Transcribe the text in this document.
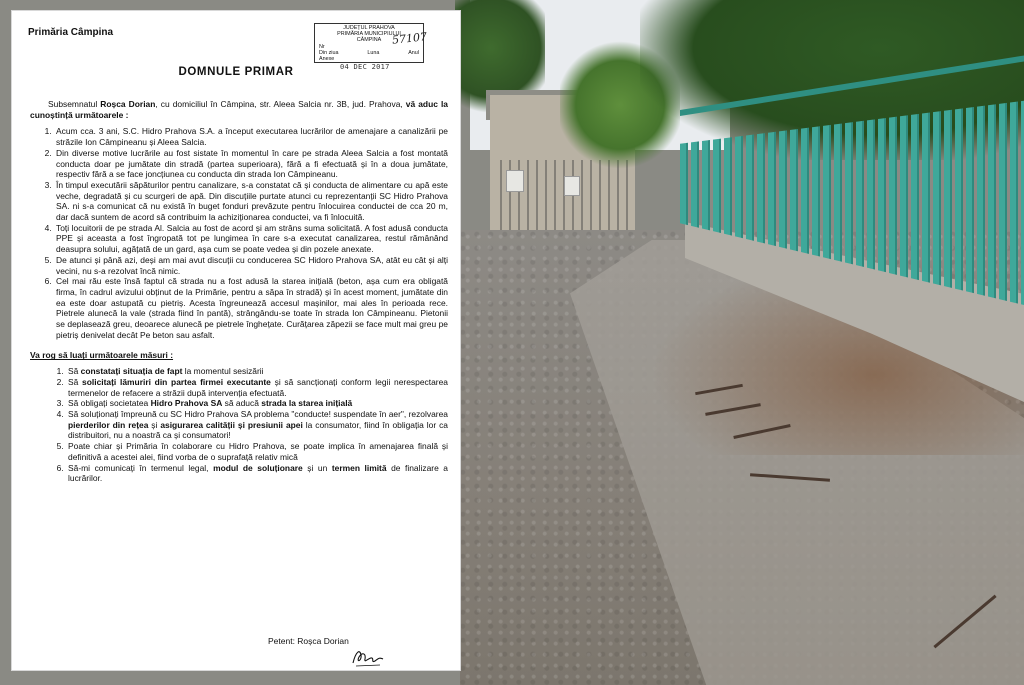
Primăria Câmpina	JUDEȚUL PRAHOVA
PRIMĂRIA MUNICIPIULUI
CÂMPINA
Nr
Din ziua	Luna	Anul
Anexe
57107
04 DEC 2017
DOMNULE PRIMAR

Subsemnatul Roșca Dorian, cu domiciliul în Câmpina, str. Aleea Salcia nr. 3B, jud. Prahova, vă aduc la cunoștință următoarele :

1. Acum cca. 3 ani, S.C. Hidro Prahova S.A. a început executarea lucrărilor de amenajare a canalizării pe străzile Ion Câmpineanu și Aleea Salcia.
2. Din diverse motive lucrările au fost sistate în momentul în care pe strada Aleea Salcia a fost montată conducta doar pe jumătate din stradă (partea superioara), fără a fi efectuată și în a doua jumătate, respectiv fără a se face joncțiunea cu conducta din strada Ion Câmpineanu.
3. În timpul executării săpăturilor pentru canalizare, s-a constatat că și conducta de alimentare cu apă este veche, degradată și cu scurgeri de apă. Din discuțiile purtate atunci cu reprezentanții SC Hidro Prahova SA. ni s-a comunicat că nu există în buget fonduri prevăzute pentru înlocuirea conductei de cca 20 m, dar dacă suntem de acord să contribuim la achiziționarea conductei, va fi înlocuită.
4. Toți locuitorii de pe strada Al. Salcia au fost de acord și am strâns suma solicitată. A fost adusă conducta PPE și aceasta a fost îngropată tot pe lungimea în care s-a executat canalizarea, restul rămânând deasupra solului, agățată de un gard, așa cum se poate vedea și din pozele anexate.
5. De atunci și până azi, deși am mai avut discuții cu conducerea SC Hidoro Prahova SA, atât eu cât și alți vecini, nu s-a rezolvat încă nimic.
6. Cel mai rău este însă faptul că strada nu a fost adusă la starea inițială (beton, așa cum era obligată firma, în cadrul avizului obținut de la Primărie, pentru a săpa în stradă) și în acest moment, jumătate din ea este doar astupată cu pietriș. Acesta îngreunează accesul mașinilor, mai ales în perioada rece. Pietrele alunecă la vale (strada fiind în pantă), strângându-se toate în strada Ion Câmpineanu. Pietonii se deplasează greu, deoarece alunecă pe pietrele înghețate. Curățarea zăpezii se face mult mai greu pe pietriș denivelat decât Pe beton sau asfalt.
Va rog să luați următoarele măsuri :
1. Să constatați situația de fapt la momentul sesizării
2. Să solicitați lămuriri din partea firmei executante și să sancționați conform legii nerespectarea termenelor de refacere a străzii după intervenția efectuată.
3. Să obligați societatea Hidro Prahova SA să aducă strada la starea inițială
4. Să soluționați împreună cu SC Hidro Prahova SA problema "conducte! suspendate în aer", rezolvarea pierderilor din rețea și asigurarea calității și presiunii apei la consumator, fiind în obligația lor ca distribuitori, nu a noastră ca și consumatori!
5. Poate chiar și Primăria în colaborare cu Hidro Prahova, se poate implica în amenajarea finală și definitivă a acestei alei, fiind vorba de o suprafață relativ mică
6. Să-mi comunicați în termenul legal, modul de soluționare și un termen limită de finalizare a lucrărilor.
Petent: Roșca Dorian
